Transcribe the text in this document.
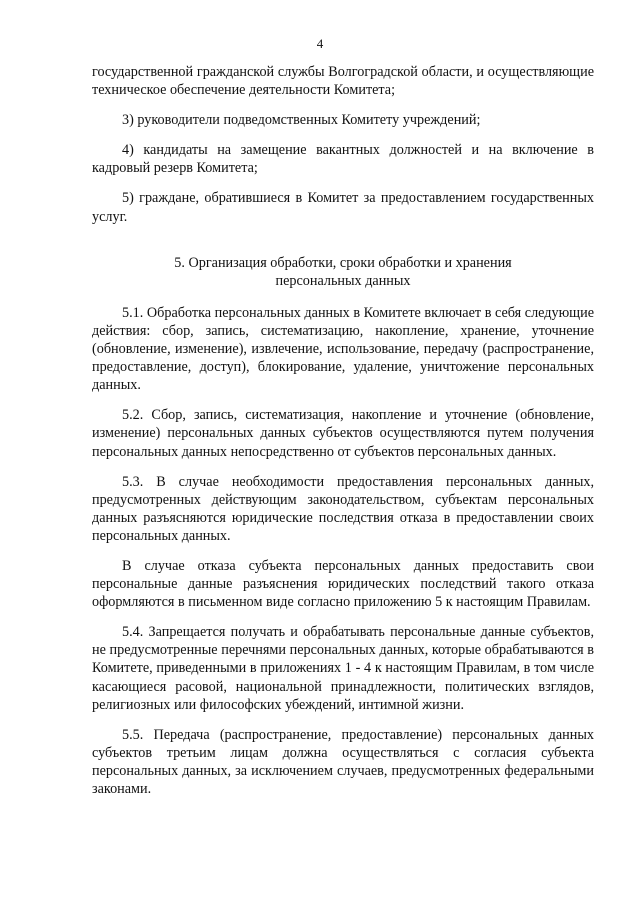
4

государственной гражданской службы Волгоградской области, и осуществляющие техническое обеспечение деятельности Комитета;

3) руководители подведомственных Комитету учреждений;

4) кандидаты на замещение вакантных должностей и на включение в кадровый резерв Комитета;

5) граждане, обратившиеся в Комитет за предоставлением государственных услуг.

5. Организация обработки, сроки обработки и хранения персональных данных

5.1. Обработка персональных данных в Комитете включает в себя следующие действия: сбор, запись, систематизацию, накопление, хранение, уточнение (обновление, изменение), извлечение, использование, передачу (распространение, предоставление, доступ), блокирование, удаление, уничтожение персональных данных.

5.2. Сбор, запись, систематизация, накопление и уточнение (обновление, изменение) персональных данных субъектов осуществляются путем получения персональных данных непосредственно от субъектов персональных данных.

5.3. В случае необходимости предоставления персональных данных, предусмотренных действующим законодательством, субъектам персональных данных разъясняются юридические последствия отказа в предоставлении своих персональных данных.

В случае отказа субъекта персональных данных предоставить свои персональные данные разъяснения юридических последствий такого отказа оформляются в письменном виде согласно приложению 5 к настоящим Правилам.

5.4. Запрещается получать и обрабатывать персональные данные субъектов, не предусмотренные перечнями персональных данных, которые обрабатываются в Комитете, приведенными в приложениях 1 - 4 к настоящим Правилам, в том числе касающиеся расовой, национальной принадлежности, политических взглядов, религиозных или философских убеждений, интимной жизни.

5.5. Передача (распространение, предоставление) персональных данных субъектов третьим лицам должна осуществляться с согласия субъекта персональных данных, за исключением случаев, предусмотренных федеральными законами.
